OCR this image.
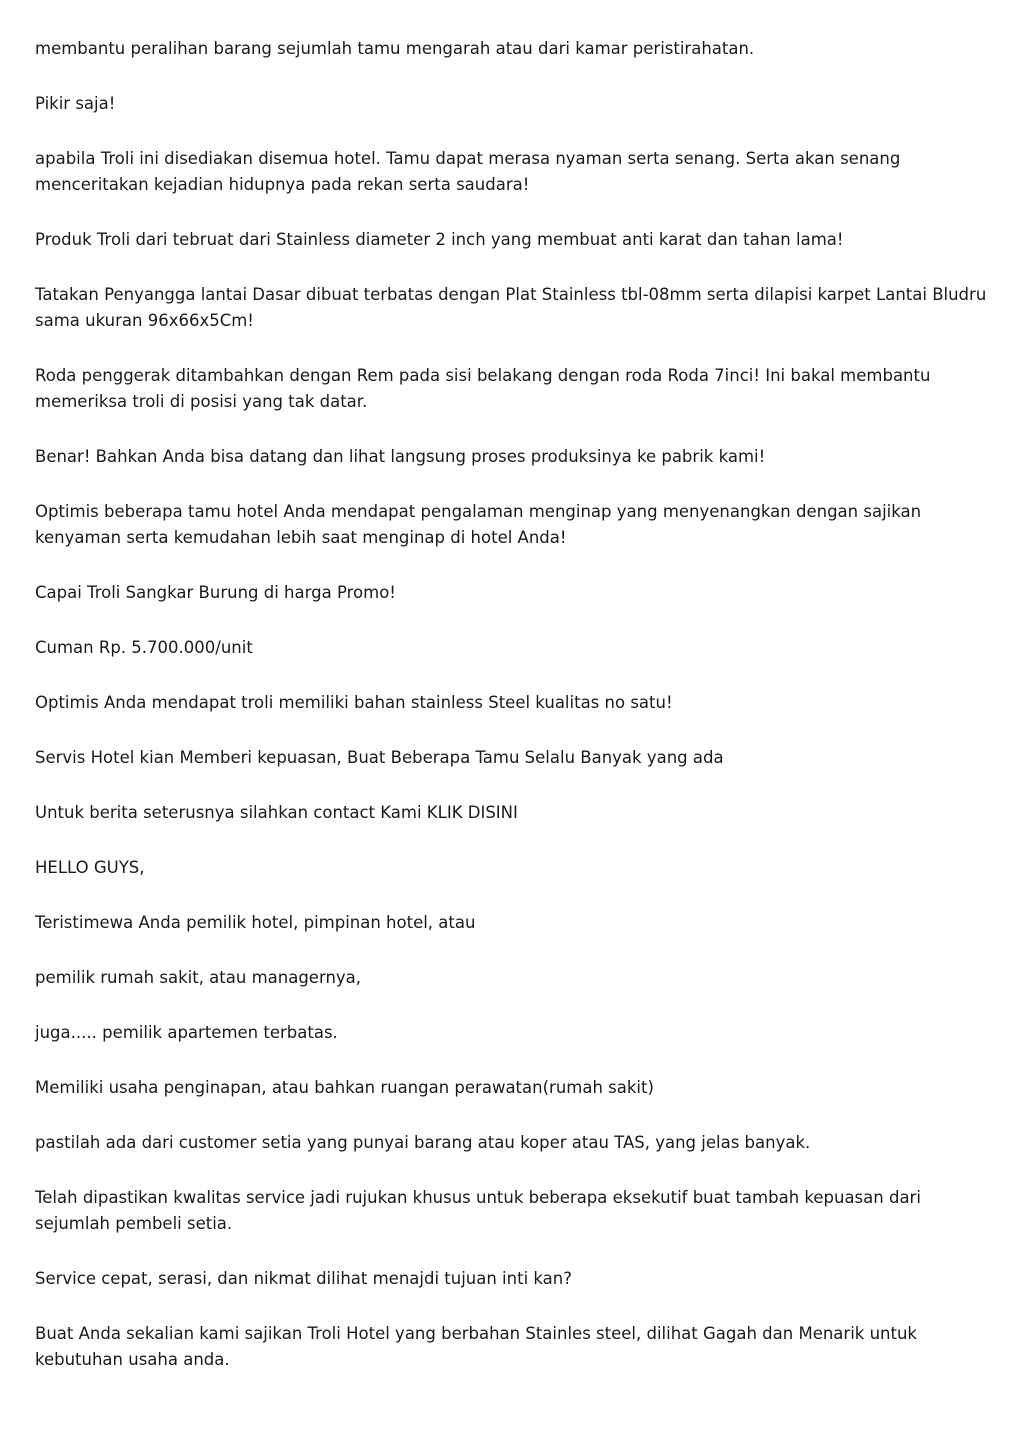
membantu peralihan barang sejumlah tamu mengarah atau dari kamar peristirahatan.

Pikir saja!

apabila Troli ini disediakan disemua hotel. Tamu dapat merasa nyaman serta senang. Serta akan senang menceritakan kejadian hidupnya pada rekan serta saudara!

Produk Troli dari tebruat dari Stainless diameter 2 inch yang membuat anti karat dan tahan lama!

Tatakan Penyangga lantai Dasar dibuat terbatas dengan Plat Stainless tbl-08mm serta dilapisi karpet Lantai Bludru sama ukuran 96x66x5Cm!

Roda penggerak ditambahkan dengan Rem pada sisi belakang dengan roda Roda 7inci! Ini bakal membantu memeriksa troli di posisi yang tak datar.

Benar! Bahkan Anda bisa datang dan lihat langsung proses produksinya ke pabrik kami!

Optimis beberapa tamu hotel Anda mendapat pengalaman menginap yang menyenangkan dengan sajikan kenyaman serta kemudahan lebih saat menginap di hotel Anda!

Capai Troli Sangkar Burung di harga Promo!

Cuman Rp. 5.700.000/unit

Optimis Anda mendapat troli memiliki bahan stainless Steel kualitas no satu!

Servis Hotel kian Memberi kepuasan, Buat Beberapa Tamu Selalu Banyak yang ada

Untuk berita seterusnya silahkan contact Kami KLIK DISINI

HELLO GUYS,

Teristimewa Anda pemilik hotel, pimpinan hotel, atau

pemilik rumah sakit, atau managernya,

juga..... pemilik apartemen terbatas.

Memiliki usaha penginapan, atau bahkan ruangan perawatan(rumah sakit)

pastilah ada dari customer setia yang punyai barang atau koper atau TAS, yang jelas banyak.

Telah dipastikan kwalitas service jadi rujukan khusus untuk beberapa eksekutif buat tambah kepuasan dari sejumlah pembeli setia.

Service cepat, serasi, dan nikmat dilihat menajdi tujuan inti kan?

Buat Anda sekalian kami sajikan Troli Hotel yang berbahan Stainles steel, dilihat Gagah dan Menarik untuk kebutuhan usaha anda.
